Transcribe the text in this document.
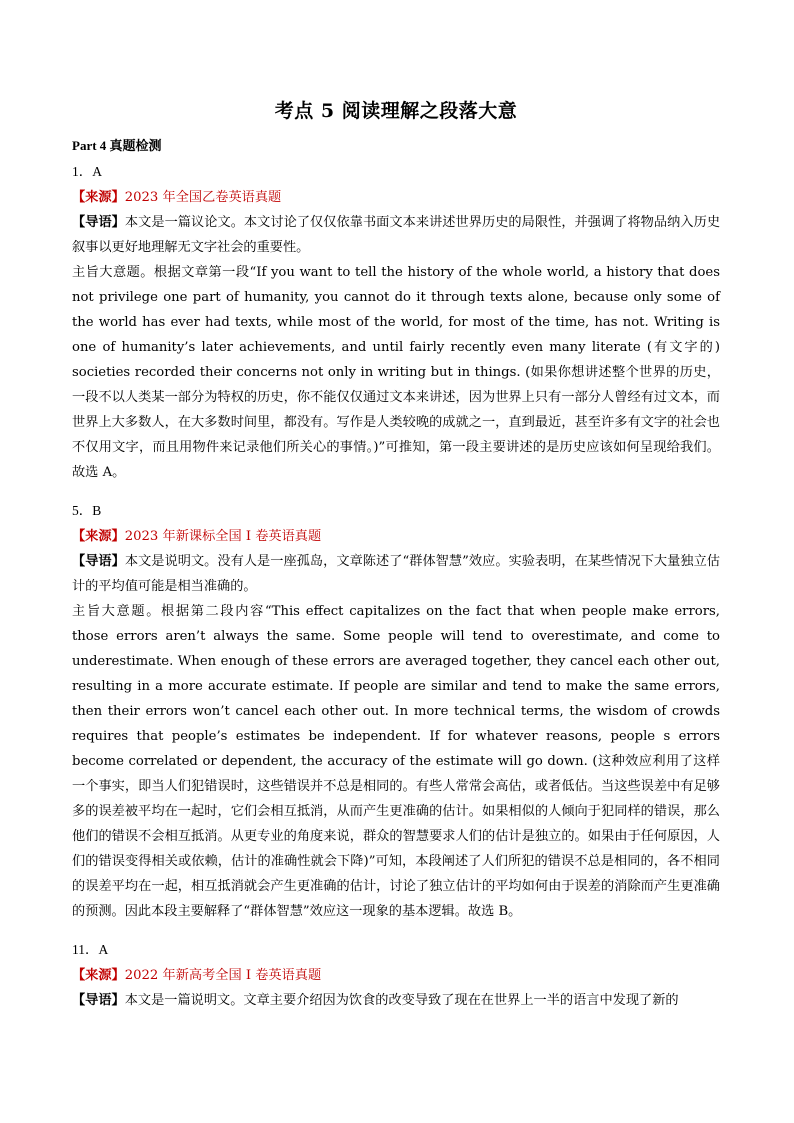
考点 5 阅读理解之段落大意
Part 4 真题检测
1．A

【来源】2023 年全国乙卷英语真题

【导语】本文是一篇议论文。本文讨论了仅仅依靠书面文本来讲述世界历史的局限性，并强调了将物品纳入历史叙事以更好地理解无文字社会的重要性。

主旨大意题。根据文章第一段“If you want to tell the history of the whole world, a history that does not privilege one part of humanity, you cannot do it through texts alone, because only some of the world has ever had texts, while most of the world, for most of the time, has not. Writing is one of humanity’s later achievements, and until fairly recently even many literate (有文字的) societies recorded their concerns not only in writing but in things. (如果你想讲述整个世界的历史，一段不以人类某一部分为特权的历史，你不能仅仅通过文本来讲述，因为世界上只有一部分人曾经有过文本，而世界上大多数人，在大多数时间里，都没有。写作是人类较晚的成就之一，直到最近，甚至许多有文字的社会也不仅用文字，而且用物件来记录他们所关心的事情。)”可推知，第一段主要讲述的是历史应该如何呈现给我们。故选 A。

5．B

【来源】2023 年新课标全国 I 卷英语真题

【导语】本文是说明文。没有人是一座孤岛，文章陈述了“群体智慧”效应。实验表明，在某些情况下大量独立估计的平均值可能是相当准确的。

主旨大意题。根据第二段内容“This effect capitalizes on the fact that when people make errors, those errors aren’t always the same. Some people will tend to overestimate, and come to underestimate. When enough of these errors are averaged together, they cancel each other out, resulting in a more accurate estimate. If people are similar and tend to make the same errors, then their errors won’t cancel each other out. In more technical terms, the wisdom of crowds requires that people’s estimates be independent. If for whatever reasons, people s errors become correlated or dependent, the accuracy of the estimate will go down. (这种效应利用了这样一个事实，即当人们犯错误时，这些错误并不总是相同的。有些人常常会高估，或者低估。当这些误差中有足够多的误差被平均在一起时，它们会相互抵消，从而产生更准确的估计。如果相似的人倾向于犯同样的错误，那么他们的错误不会相互抵消。从更专业的角度来说，群众的智慧要求人们的估计是独立的。如果由于任何原因，人们的错误变得相关或依赖，估计的准确性就会下降)”可知，本段阐述了人们所犯的错误不总是相同的，各不相同的误差平均在一起，相互抵消就会产生更准确的估计，讨论了独立估计的平均如何由于误差的消除而产生更准确的预测。因此本段主要解释了“群体智慧”效应这一现象的基本逻辑。故选 B。

11．A

【来源】2022 年新高考全国 I 卷英语真题

【导语】本文是一篇说明文。文章主要介绍因为饮食的改变导致了现在在世界上一半的语言中发现了新的
